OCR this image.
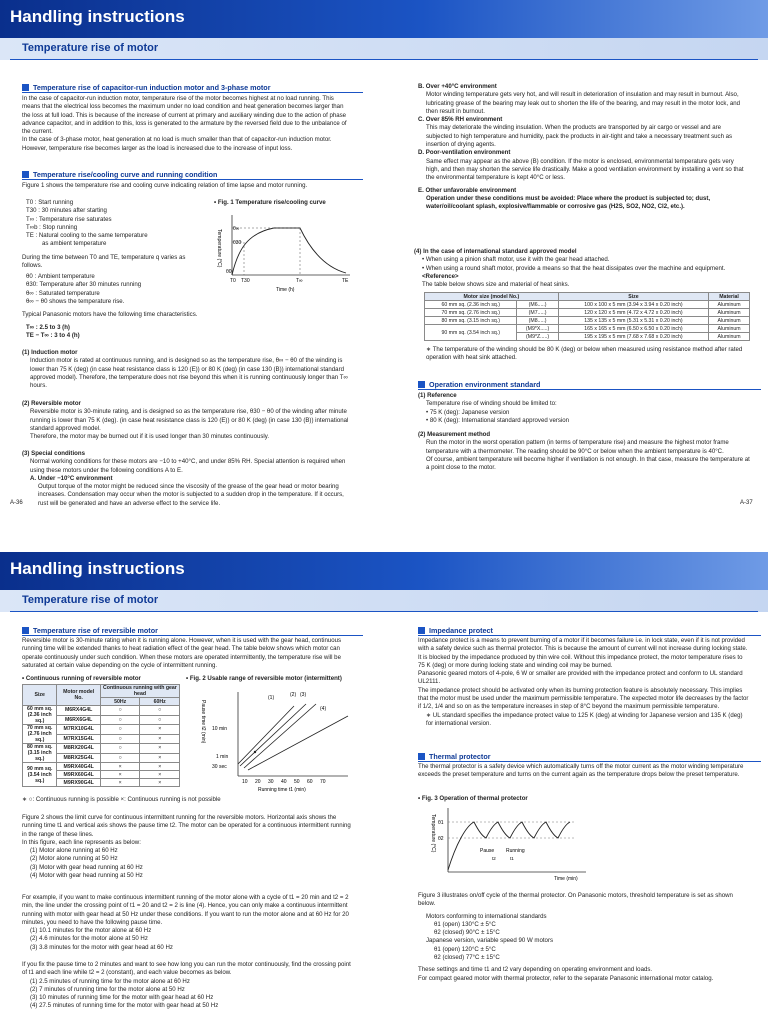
Handling instructions
Temperature rise of motor
Temperature rise of capacitor-run induction motor and 3-phase motor
In the case of capacitor-run induction motor, temperature rise of the motor becomes highest at no load running. This means that the electrical loss becomes the maximum under no load condition and heat generation becomes larger than the loss at full load. This is because of the increase of current at primary and auxiliary winding due to the action of phase advance capacitor, and in addition to this, loss is generated to the armature by the reversed field due to the unbalance of the current.
In the case of 3-phase motor, heat generation at no load is much smaller than that of capacitor-run induction motor. However, temperature rise becomes larger as the load is increased due to the increase of input loss.
Temperature rise/cooling curve and running condition
Figure 1 shows the temperature rise and cooling curve indicating relation of time lapse and motor running.
T0 : Start running
T30 : 30 minutes after starting
T∞ : Temperature rise saturates
T∞b : Stop running
TE : Natural cooling to the same temperature
as ambient temperature
During the time between T0 and TE, temperature q varies as follows.
θ0 : Ambient temperature
θ30: Temperature after 30 minutes running
θ∞ : Saturated temperature
θ∞ − θ0 shows the temperature rise.
Typical Panasonic motors have the following time characteristics.
T∞ : 2.5 to 3 (h)
TE − T∞ : 3 to 4 (h)
• Fig. 1 Temperature rise/cooling curve
Temperature (°C) θ∞
θ30
θ0
T0 T30	T∞	TE
Time (h)
(1) Induction motor
Induction motor is rated at continuous running, and is designed so as the temperature rise, θ∞ − θ0 of the winding is lower than 75 K (deg) (in case heat resistance class is 120 (E)) or 80 K (deg) (in case 130 (B)) international standard approved model). Therefore, the temperature does not rise beyond this when it is running continuously longer than T∞ hours.
(2) Reversible motor
Reversible motor is 30-minute rating, and is designed so as the temperature rise, θ30 − θ0 of the winding after minute running is lower than 75 K (deg). (in case heat resistance class is 120 (E)) or 80 K (deg) (in case 130 (B)) international standard approved model.
Therefore, the motor may be burned out if it is used longer than 30 minutes continuously.
(3) Special conditions
Normal working conditions for these motors are −10 to +40°C, and under 85% RH. Special attention is required when using these motors under the following conditions A to E.
A. Under −10°C environment
Output torque of the motor might be reduced since the viscosity of the grease of the gear head or motor bearing increases. Condensation may occur when the motor is subjected to a sudden drop in the temperature. If it occurs, rust will be generated and have an adverse effect to the service life.
A-36
B. Over +40°C environment
Motor winding temperature gets very hot, and will result in deterioration of insulation and may result in burnout. Also, lubricating grease of the bearing may leak out to shorten the life of the bearing, and may result in the motor lock, and then result in burnout.
C. Over 85% RH environment
This may deteriorate the winding insulation. When the products are transported by air cargo or vessel and are subjected to high temperature and humidity, pack the products in air-tight and take a necessary treatment such as insertion of drying agents.
D. Poor-ventilation environment
Same effect may appear as the above (B) condition. If the motor is enclosed, environmental temperature gets very high, and then may shorten the service life drastically. Make a good ventilation environment by installing a vent so that the environmental temperature is kept 40°C or less.
E. Other unfavorable environment
Operation under these conditions must be avoided: Place where the product is subjected to; dust, water/oil/coolant splash, explosive/flammable or corrosive gas (H2S, SO2, NO2, Cl2, etc.).
(4) In the case of international standard approved model
• When using a pinion shaft motor, use it with the gear head attached.
• When using a round shaft motor, provide a means so that the heat dissipates over the machine and equipment.
<Reference>
The table below shows size and material of heat sinks.
Motor size (model No.)		Size	Material
60 mm sq. (2.36 inch sq.)	(M6.....)	100 x 100 x 5 mm (3.94 x 3.94 x 0.20 inch)	Aluminum
70 mm sq. (2.76 inch sq.)	(M7.....)	120 x 120 x 5 mm (4.72 x 4.72 x 0.20 inch)	Aluminum
80 mm sq. (3.15 inch sq.)	(M8.....)	135 x 135 x 5 mm (5.31 x 5.31 x 0.20 inch)	Aluminum
90 mm sq. (3.54 inch sq.)	(M9*X.....)	165 x 165 x 5 mm (6.50 x 6.50 x 0.20 inch)	Aluminum
	(M9*Z.....)	195 x 195 x 5 mm (7.68 x 7.68 x 0.20 inch)	Aluminum
∗ The temperature of the winding should be 80 K (deg) or below when measured using resistance method after rated operation with heat sink attached.
Operation environment standard
(1) Reference
Temperature rise of winding should be limited to:
• 75 K (deg): Japanese version
• 80 K (deg): International standard approved version
(2) Measurement method
Run the motor in the worst operation pattern (in terms of temperature rise) and measure the highest motor frame temperature with a thermometer. The reading should be 90°C or below when the ambient temperature is 40°C.
Of course, ambient temperature will become higher if ventilation is not enough. In that case, measure the temperature at a point close to the motor.
A-37
Handling instructions
Temperature rise of motor
Temperature rise of reversible motor
Reversible motor is 30-minute rating when it is running alone. However, when it is used with the gear head, continuous running time will be extended thanks to heat radiation effect of the gear head. The table below shows which motor can operate continuously under such condition. When these motors are operated intermittently, the temperature rise will be saturated at certain value depending on the cycle of intermittent running.
• Continuous running of reversible motor
Size	Motor model No.	Continuous running with gear head	
		50Hz	60Hz
60 mm sq.
(2.36 inch sq.)	M6RX4G4L	○	○
	M6RX6G4L	○	○
70 mm sq.
(2.76 inch sq.)	M7RX10G4L	○	×
	M7RX15G4L	○	×
80 mm sq.
(3.15 inch sq.)	M8RX20G4L	○	×
	M8RX25G4L	○	×
90 mm sq.
(3.54 inch sq.)	M9RX40G4L	×	×
	M9RX60G4L	×	×
	M9RX90G4L	×	×
∗ ○: Continuous running is possible ×: Continuous running is not possible
• Fig. 2 Usable range of reversible motor (intermittent)
Pause time t2 (min) 10 min
1 min
30 sec
(1)	(2) (3)
(4)
10 20 30 40 50 60 70
Running time t1 (min)
Figure 2 shows the limit curve for continuous intermittent running for the reversible motors. Horizontal axis shows the running time t1 and vertical axis shows the pause time t2. The motor can be operated for a continuous intermittent running in the range of these lines.
In this figure, each line represents as below:
(1) Motor alone running at 60 Hz
(2) Motor alone running at 50 Hz
(3) Motor with gear head running at 60 Hz
(4) Motor with gear head running at 50 Hz
For example, if you want to make continuous intermittent running of the motor alone with a cycle of t1 = 20 min and t2 = 2 min, the line under the crossing point of t1 = 20 and t2 = 2 is line (4). Hence, you can only make a continuous intermittent running with motor with gear head at 50 Hz under these conditions. If you want to run the motor alone and at 60 Hz for 20 minutes, you need to have the following pause time.
(1) 10.1 minutes for the motor alone at 60 Hz
(2) 4.6 minutes for the motor alone at 50 Hz
(3) 3.8 minutes for the motor with gear head at 60 Hz
If you fix the pause time to 2 minutes and want to see how long you can run the motor continuously, find the crossing point of t1 and each line while t2 = 2 (constant), and each value becomes as below.
(1) 2.5 minutes of running time for the motor alone at 60 Hz
(2) 7 minutes of running time for the motor alone at 50 Hz
(3) 10 minutes of running time for the motor with gear head at 60 Hz
(4) 27.5 minutes of running time for the motor with gear head at 50 Hz
Impedance protect
Impedance protect is a means to prevent burning of a motor if it becomes failure i.e. in lock state, even if it is not provided with a safety device such as thermal protector. This is because the amount of current will not increase during locking state. It is blocked by the impedance produced by thin wire coil. Without this impedance protect, the motor temperature rises to 75 K (deg) or more during locking state and winding coil may be burned.
Panasonic geared motors of 4-pole, 6 W or smaller are provided with the impedance protect and conform to UL standard UL2111.
The impedance protect should be activated only when its burning protection feature is absolutely necessary. This implies that the motor must be used under the maximum permissible temperature. The expected motor life decreases by the factor if 1/2, 1/4 and so on as the temperature increases in step of 8°C beyond the maximum permissible temperature.
∗ UL standard specifies the impedance protect value to 125 K (deg) at winding for Japanese version and 135 K (deg) for international version.
Thermal protector
The thermal protector is a safety device which automatically turns off the motor current as the motor winding temperature exceeds the preset temperature and turns on the current again as the temperature drops below the preset temperature.
• Fig. 3 Operation of thermal protector
Temperature (°C) θ1
θ2
Pause Running
t2	t1
Time (min)
Figure 3 illustrates on/off cycle of the thermal protector. On Panasonic motors, threshold temperature is set as shown below.
Motors conforming to international standards
θ1 (open) 130°C ± 5°C
θ2 (closed) 90°C ± 15°C
Japanese version, variable speed 90 W motors
θ1 (open) 120°C ± 5°C
θ2 (closed) 77°C ± 15°C
These settings and time t1 and t2 vary depending on operating environment and loads.
For compact geared motor with thermal protector, refer to the separate Panasonic international motor catalog.
